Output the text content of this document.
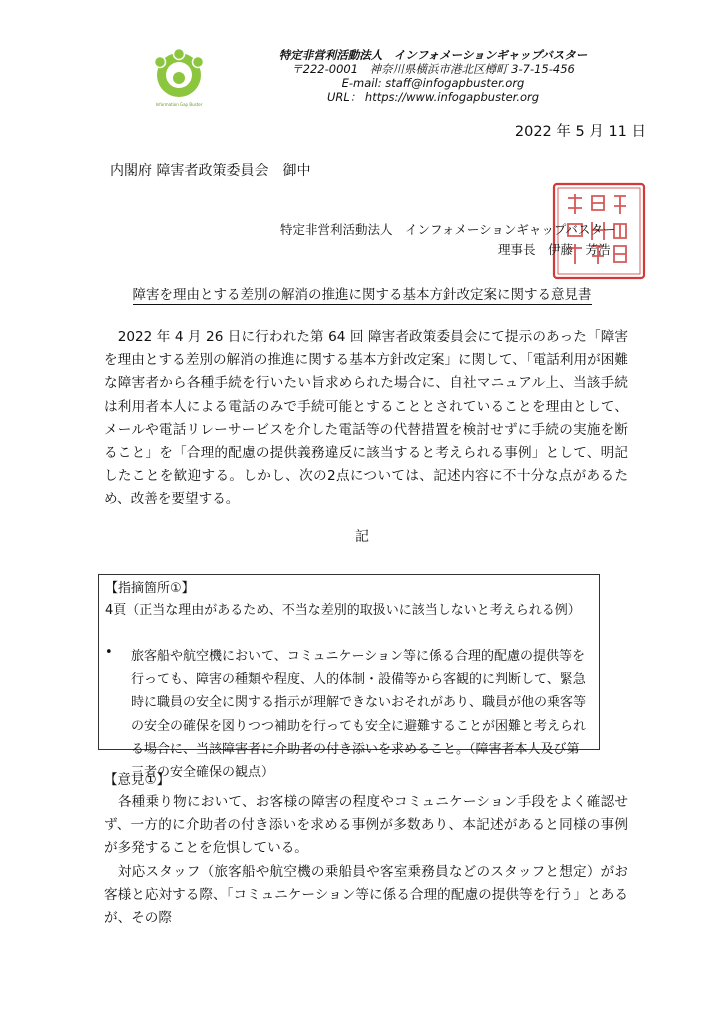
Information Gap Buster
特定非営利活動法人　インフォメーションギャップバスター
〒222-0001　神奈川県横浜市港北区樽町 3-7-15-456
E-mail: staff@infogapbuster.org
URL： https://www.infogapbuster.org
2022 年 5 月 11 日
内閣府 障害者政策委員会　御中
特定非営利活動法人　インフォメーションギャップバスター
理事長　伊藤　芳浩
障害を理由とする差別の解消の推進に関する基本方針改定案に関する意見書
　2022 年 4 月 26 日に行われた第 64 回 障害者政策委員会にて提示のあった「障害を理由とする差別の解消の推進に関する基本方針改定案」に関して、「電話利用が困難な障害者から各種手続を行いたい旨求められた場合に、自社マニュアル上、当該手続は利用者本人による電話のみで手続可能とすることとされていることを理由として、メールや電話リレーサービスを介した電話等の代替措置を検討せずに手続の実施を断ること」を「合理的配慮の提供義務違反に該当すると考えられる事例」として、明記したことを歓迎する。しかし、次の2点については、記述内容に不十分な点があるため、改善を要望する。
記
【指摘箇所①】
4頁（正当な理由があるため、不当な差別的取扱いに該当しないと考えられる例）
• 旅客船や航空機において、コミュニケーション等に係る合理的配慮の提供等を行っても、障害の種類や程度、人的体制・設備等から客観的に判断して、緊急時に職員の安全に関する指示が理解できないおそれがあり、職員が他の乗客等の安全の確保を図りつつ補助を行っても安全に避難することが困難と考えられる場合に、当該障害者に介助者の付き添いを求めること。（障害者本人及び第三者の安全確保の観点）
【意見①】

　各種乗り物において、お客様の障害の程度やコミュニケーション手段をよく確認せず、一方的に介助者の付き添いを求める事例が多数あり、本記述があると同様の事例が多発することを危惧している。

　対応スタッフ（旅客船や航空機の乗船員や客室乗務員などのスタッフと想定）がお客様と応対する際、「コミュニケーション等に係る合理的配慮の提供等を行う」とあるが、その際
